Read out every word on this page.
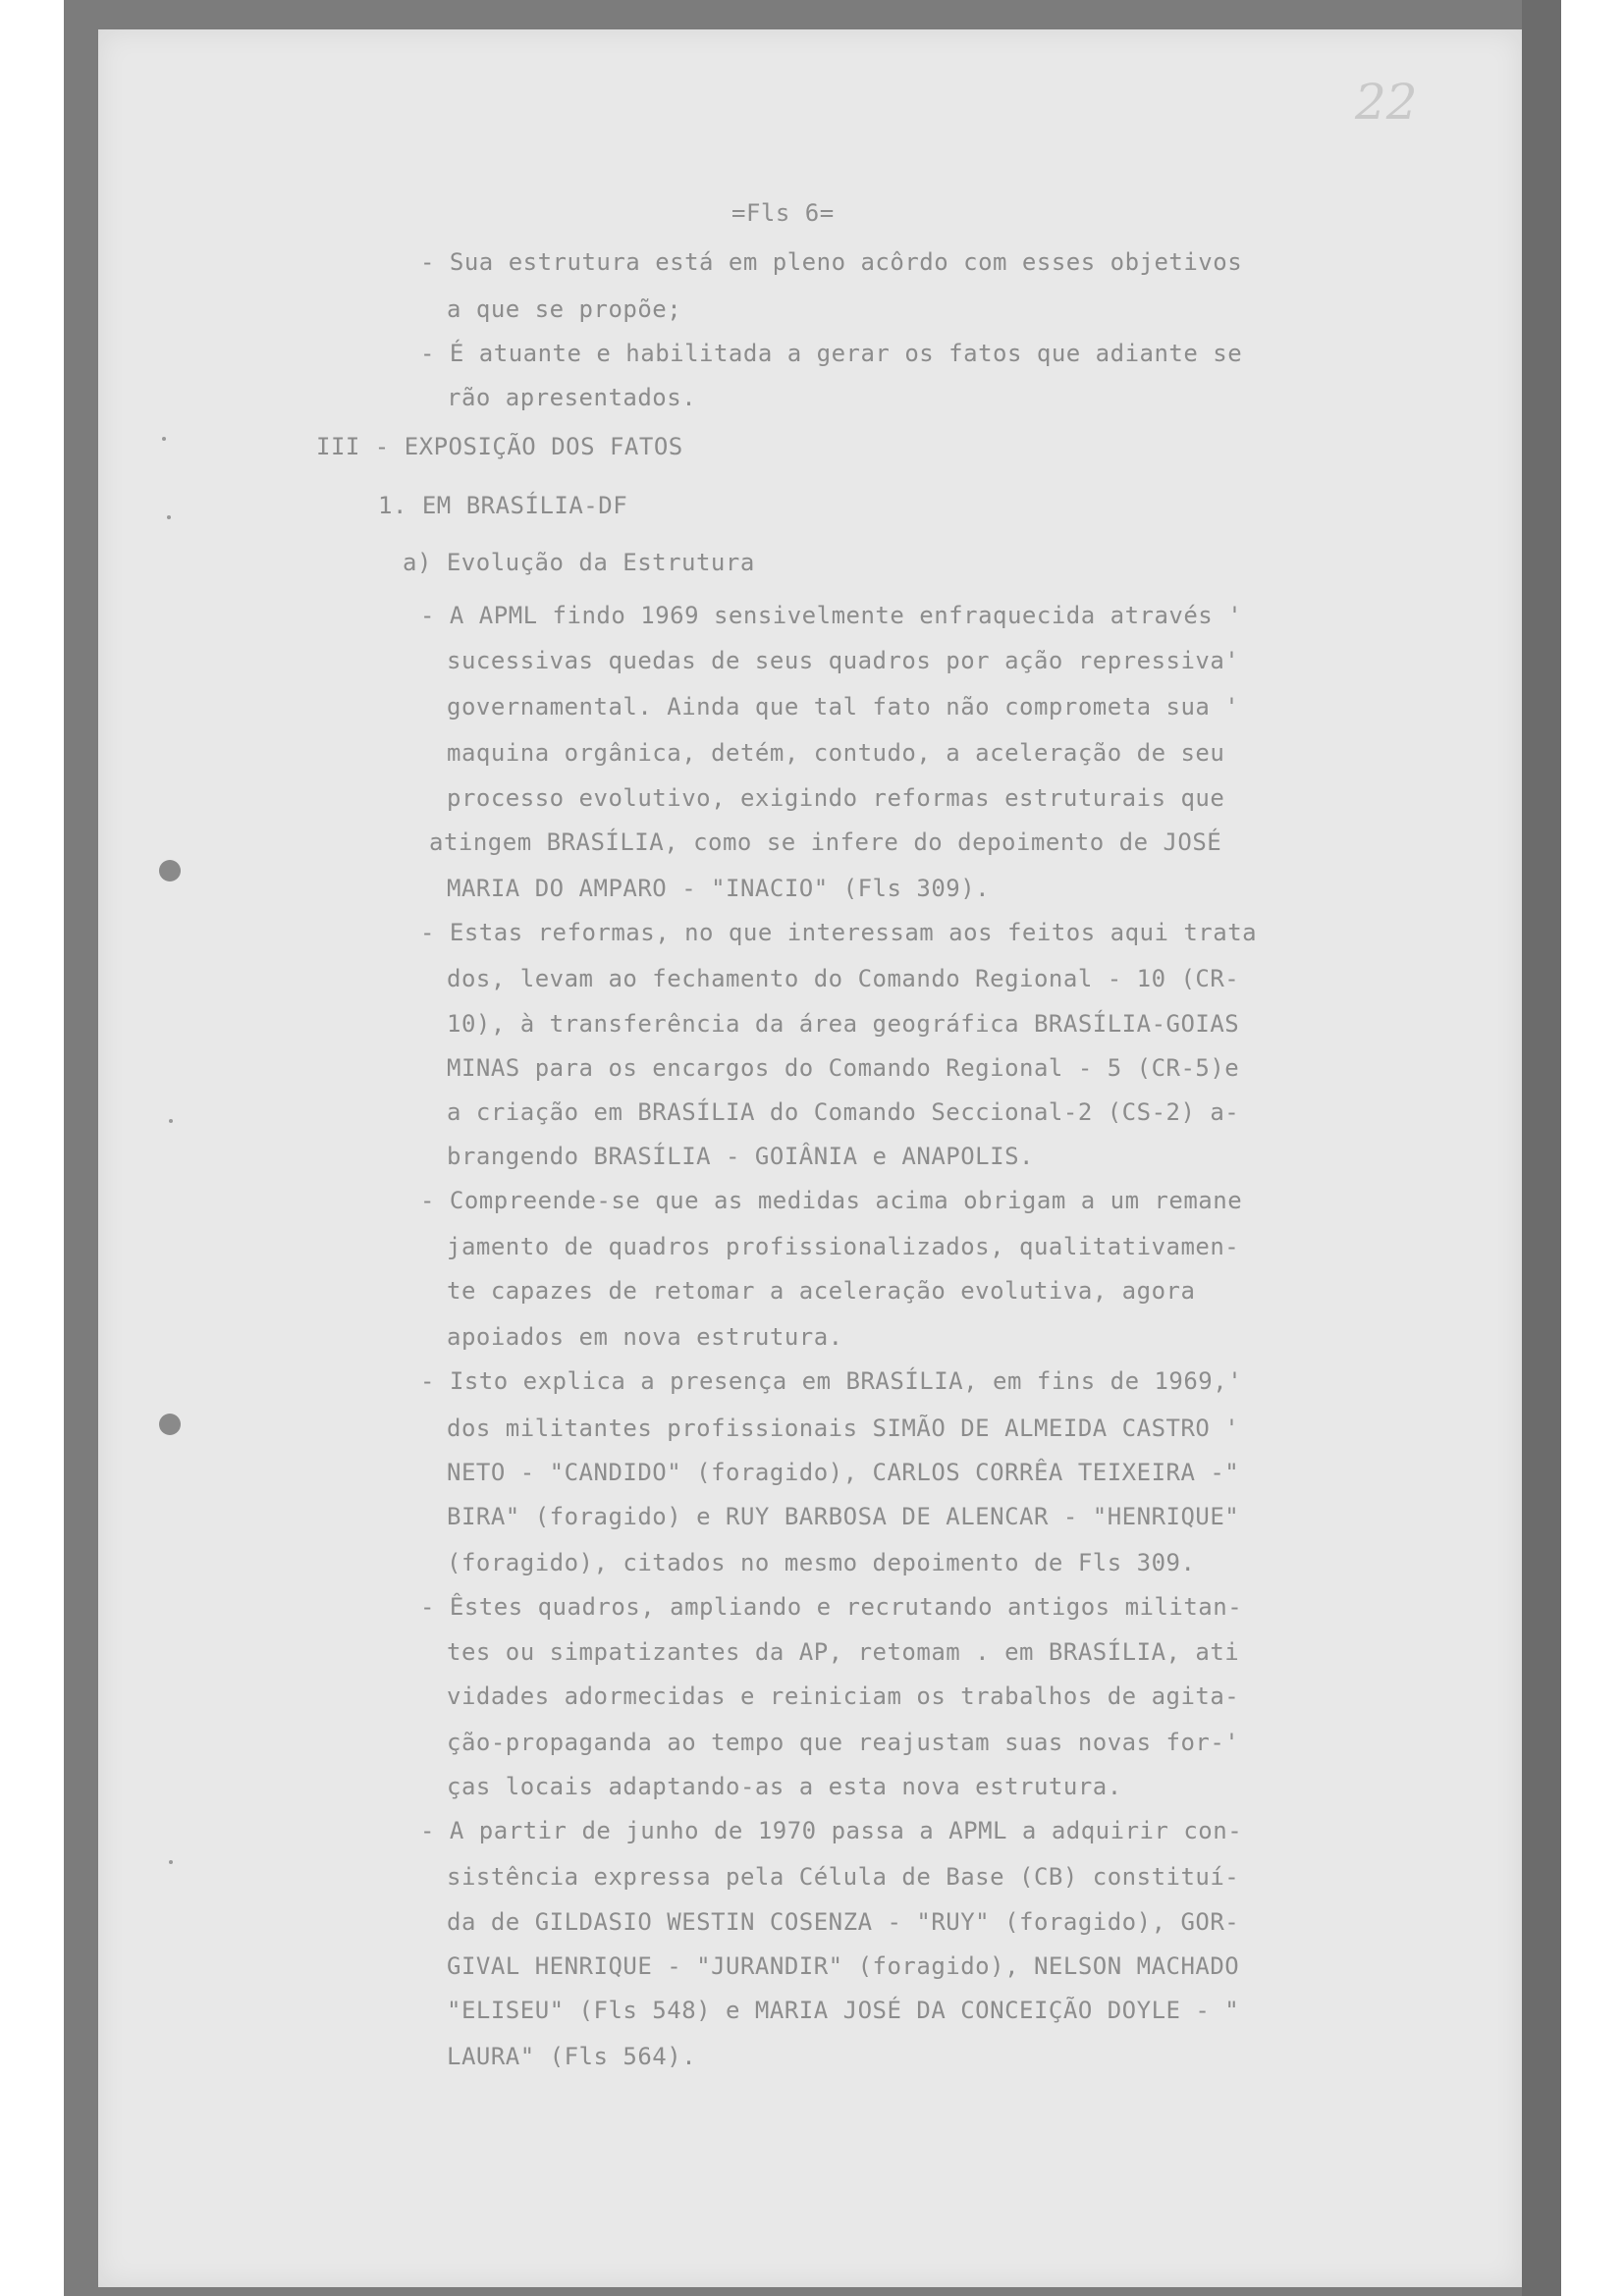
22
=Fls 6=
- Sua estrutura está em pleno acôrdo com esses objetivos
a que se propõe;
- É atuante e habilitada a gerar os fatos que adiante se
rão apresentados.
III - EXPOSIÇÃO DOS FATOS
1. EM BRASÍLIA-DF
a) Evolução da Estrutura
- A APML findo 1969 sensivelmente enfraquecida através '
sucessivas quedas de seus quadros por ação repressiva'
governamental. Ainda que tal fato não comprometa sua '
maquina orgânica, detém, contudo, a aceleração de seu
processo evolutivo, exigindo reformas estruturais que
atingem BRASÍLIA, como se infere do depoimento de JOSÉ
MARIA DO AMPARO - "INACIO" (Fls 309).
- Estas reformas, no que interessam aos feitos aqui trata
dos, levam ao fechamento do Comando Regional - 10 (CR-
10), à transferência da área geográfica BRASÍLIA-GOIAS
MINAS para os encargos do Comando Regional - 5 (CR-5)e
a criação em BRASÍLIA do Comando Seccional-2 (CS-2) a-
brangendo BRASÍLIA - GOIÂNIA e ANAPOLIS.
- Compreende-se que as medidas acima obrigam a um remane
jamento de quadros profissionalizados, qualitativamen-
te capazes de retomar a aceleração evolutiva, agora
apoiados em nova estrutura.
- Isto explica a presença em BRASÍLIA, em fins de 1969,'
dos militantes profissionais SIMÃO DE ALMEIDA CASTRO '
NETO - "CANDIDO" (foragido), CARLOS CORRÊA TEIXEIRA -"
BIRA" (foragido) e RUY BARBOSA DE ALENCAR - "HENRIQUE"
(foragido), citados no mesmo depoimento de Fls 309.
- Êstes quadros, ampliando e recrutando antigos militan-
tes ou simpatizantes da AP, retomam . em BRASÍLIA, ati
vidades adormecidas e reiniciam os trabalhos de agita-
ção-propaganda ao tempo que reajustam suas novas for-'
ças locais adaptando-as a esta nova estrutura.
- A partir de junho de 1970 passa a APML a adquirir con-
sistência expressa pela Célula de Base (CB) constituí-
da de GILDASIO WESTIN COSENZA - "RUY" (foragido), GOR-
GIVAL HENRIQUE - "JURANDIR" (foragido), NELSON MACHADO
"ELISEU" (Fls 548) e MARIA JOSÉ DA CONCEIÇÃO DOYLE - "
LAURA" (Fls 564).
